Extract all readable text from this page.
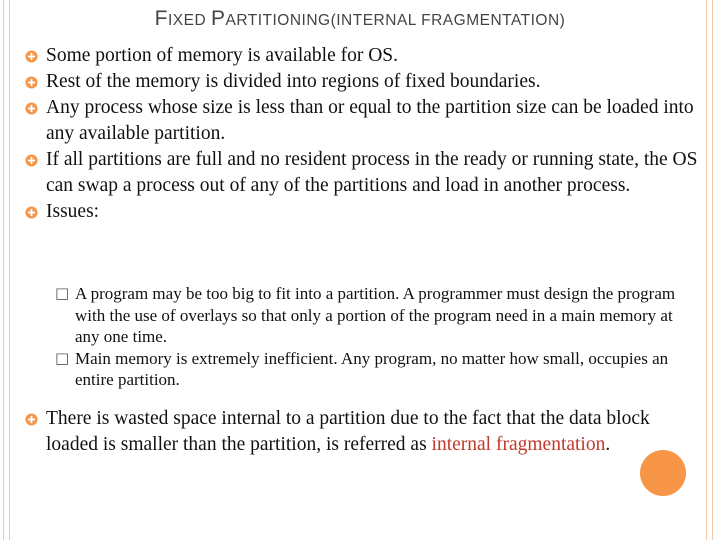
FIXED PARTITIONING(INTERNAL FRAGMENTATION)
Some portion of memory is available for OS.
Rest of the memory is divided into regions of fixed boundaries.
Any process whose size is less than or equal to the partition size can be loaded into any available partition.
If all partitions are full and no resident process in the ready or running state, the OS can swap a process out of any of the partitions and load in another process.
Issues:
□ A program may be too big to fit into a partition. A programmer must design the program with the use of overlays so that only a portion of the program need in a main memory at any one time.
□ Main memory is extremely inefficient. Any program, no matter how small, occupies an entire partition.
There is wasted space internal to a partition due to the fact that the data block loaded is smaller than the partition, is referred as internal fragmentation.
